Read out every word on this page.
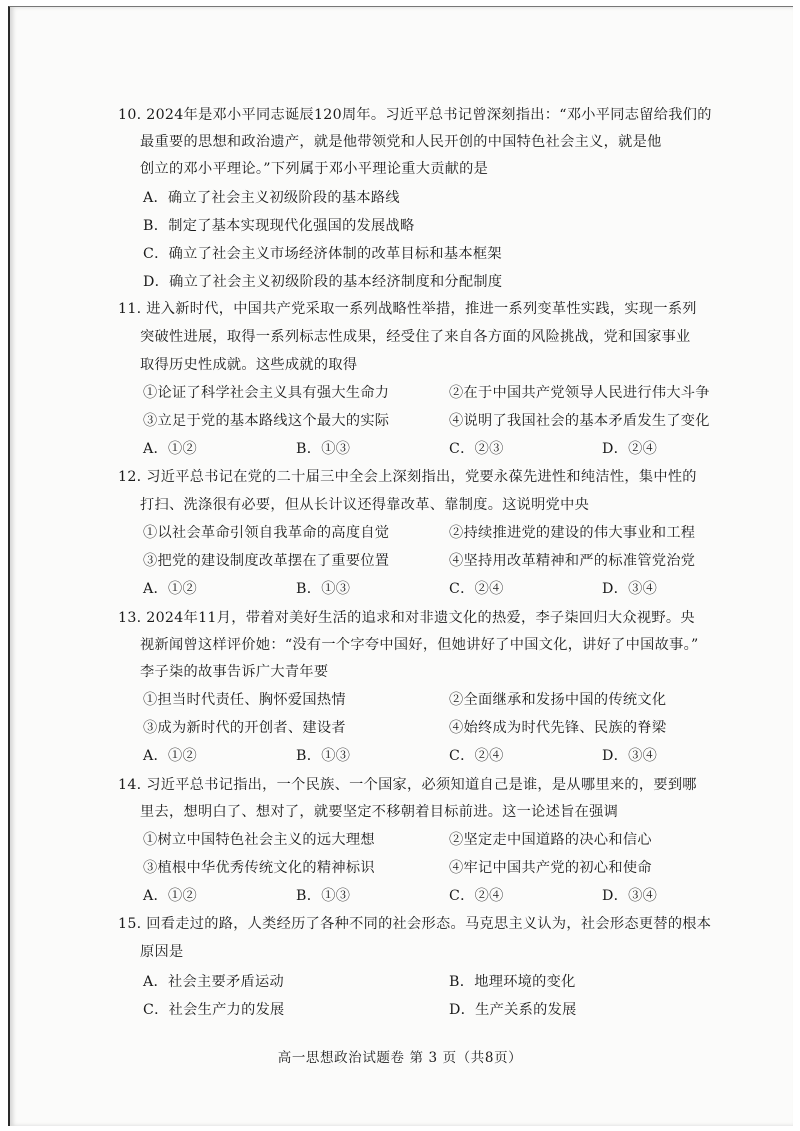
10. 2024年是邓小平同志诞辰120周年。习近平总书记曾深刻指出：“邓小平同志留给我们的
最重要的思想和政治遗产，就是他带领党和人民开创的中国特色社会主义，就是他
创立的邓小平理论。”下列属于邓小平理论重大贡献的是
A．确立了社会主义初级阶段的基本路线
B．制定了基本实现现代化强国的发展战略
C．确立了社会主义市场经济体制的改革目标和基本框架
D．确立了社会主义初级阶段的基本经济制度和分配制度
11. 进入新时代，中国共产党采取一系列战略性举措，推进一系列变革性实践，实现一系列
突破性进展，取得一系列标志性成果，经受住了来自各方面的风险挑战，党和国家事业
取得历史性成就。这些成就的取得
①论证了科学社会主义具有强大生命力	②在于中国共产党领导人民进行伟大斗争
③立足于党的基本路线这个最大的实际	④说明了我国社会的基本矛盾发生了变化
A．①②	B．①③	C．②③	D．②④
12. 习近平总书记在党的二十届三中全会上深刻指出，党要永葆先进性和纯洁性，集中性的
打扫、洗涤很有必要，但从长计议还得靠改革、靠制度。这说明党中央
①以社会革命引领自我革命的高度自觉	②持续推进党的建设的伟大事业和工程
③把党的建设制度改革摆在了重要位置	④坚持用改革精神和严的标准管党治党
A．①②	B．①③	C．②④	D．③④
13. 2024年11月，带着对美好生活的追求和对非遗文化的热爱，李子柒回归大众视野。央
视新闻曾这样评价她：“没有一个字夸中国好，但她讲好了中国文化，讲好了中国故事。”
李子柒的故事告诉广大青年要
①担当时代责任、胸怀爱国热情	②全面继承和发扬中国的传统文化
③成为新时代的开创者、建设者	④始终成为时代先锋、民族的脊梁
A．①②	B．①③	C．②④	D．③④
14. 习近平总书记指出，一个民族、一个国家，必须知道自己是谁，是从哪里来的，要到哪
里去，想明白了、想对了，就要坚定不移朝着目标前进。这一论述旨在强调
①树立中国特色社会主义的远大理想	②坚定走中国道路的决心和信心
③植根中华优秀传统文化的精神标识	④牢记中国共产党的初心和使命
A．①②	B．①③	C．②④	D．③④
15. 回看走过的路，人类经历了各种不同的社会形态。马克思主义认为，社会形态更替的根本
原因是
A．社会主要矛盾运动	B．地理环境的变化
C．社会生产力的发展	D．生产关系的发展
高一思想政治试题卷 第 3 页（共8页）
